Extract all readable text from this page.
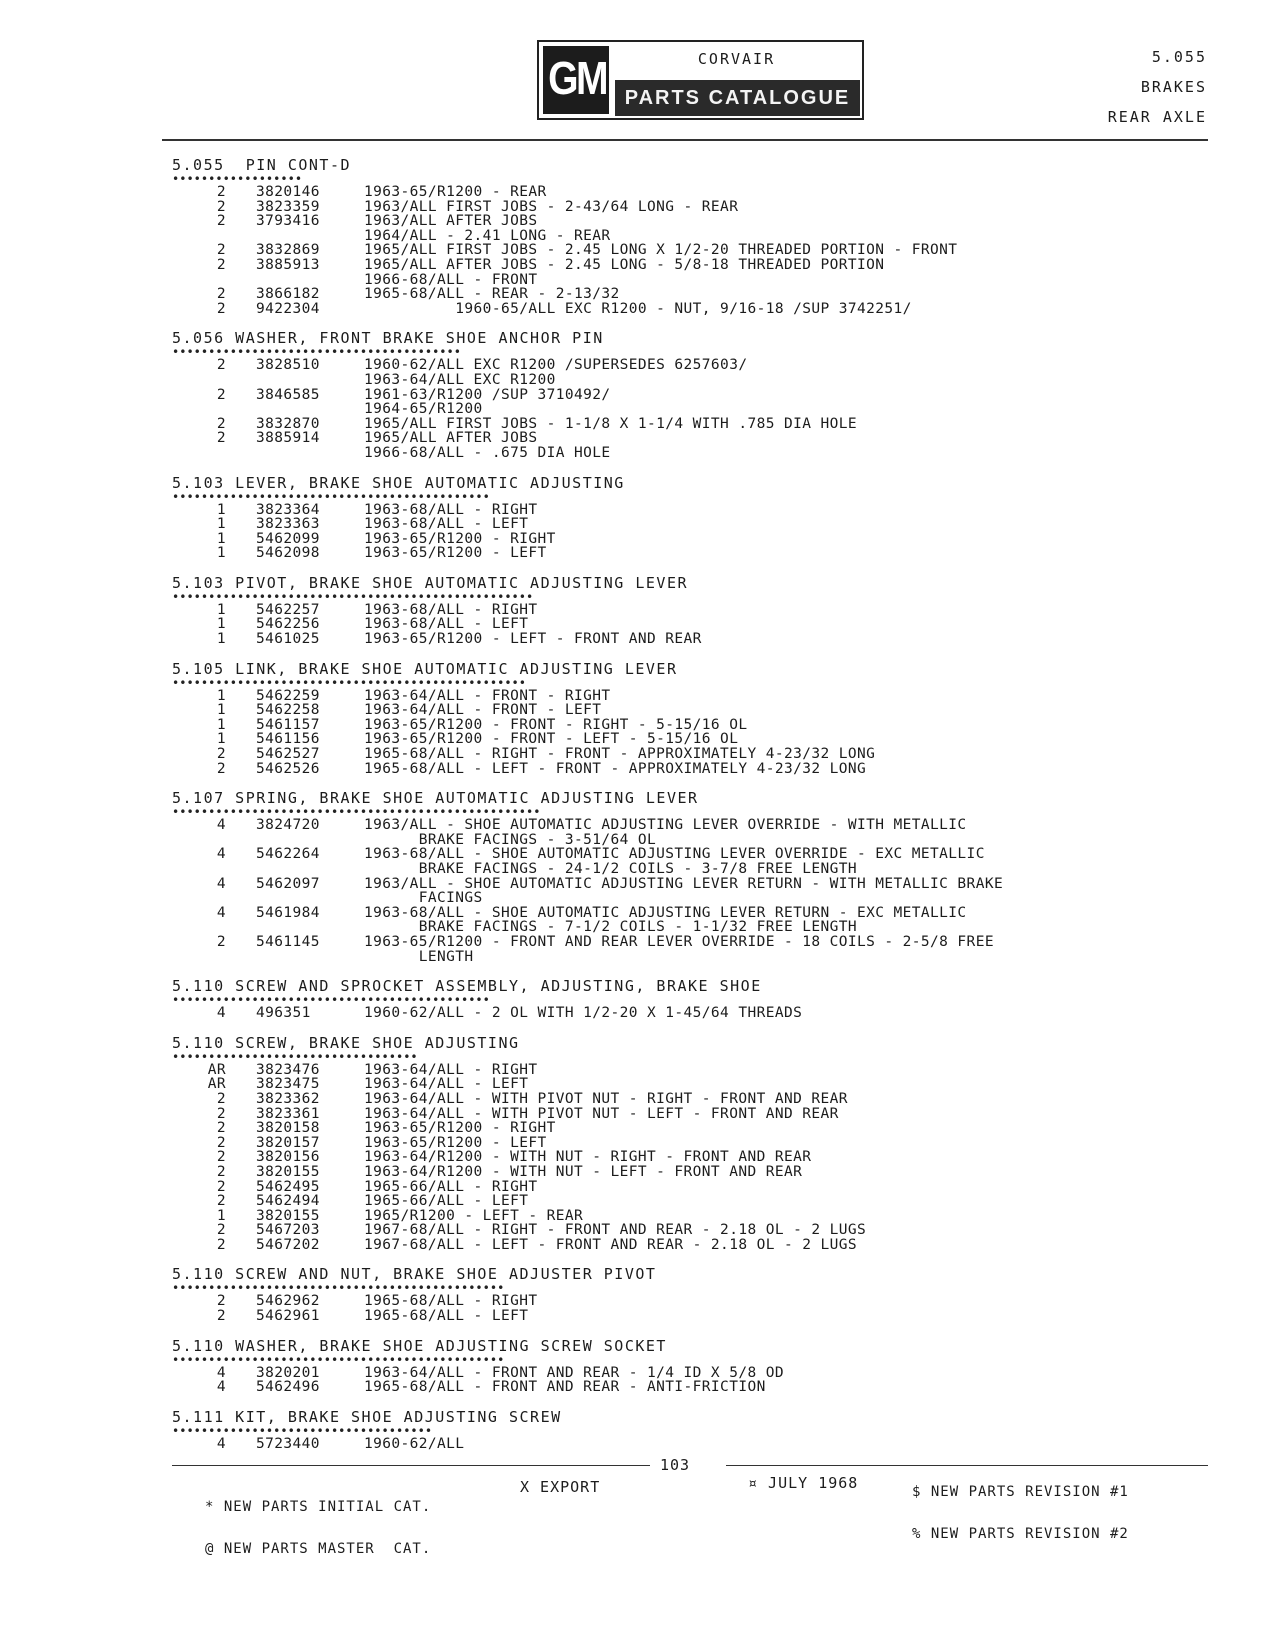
GM	CORVAIR
PARTS CATALOGUE
5.055
BRAKES
REAR AXLE
5.055  PIN CONT-D
••••••••••••••••••
2	3820146	1963-65/R1200 - REAR
2	3823359	1963/ALL FIRST JOBS - 2-43/64 LONG - REAR
2	3793416	1963/ALL AFTER JOBS
1964/ALL - 2.41 LONG - REAR
2	3832869	1965/ALL FIRST JOBS - 2.45 LONG X 1/2-20 THREADED PORTION - FRONT
2	3885913	1965/ALL AFTER JOBS - 2.45 LONG - 5/8-18 THREADED PORTION
1966-68/ALL - FRONT
2	3866182	1965-68/ALL - REAR - 2-13/32
2	9422304	1960-65/ALL EXC R1200 - NUT, 9/16-18 /SUP 3742251/
5.056 WASHER, FRONT BRAKE SHOE ANCHOR PIN
••••••••••••••••••••••••••••••••••••••••
2	3828510	1960-62/ALL EXC R1200 /SUPERSEDES 6257603/
1963-64/ALL EXC R1200
2	3846585	1961-63/R1200 /SUP 3710492/
1964-65/R1200
2	3832870	1965/ALL FIRST JOBS - 1-1/8 X 1-1/4 WITH .785 DIA HOLE
2	3885914	1965/ALL AFTER JOBS
1966-68/ALL - .675 DIA HOLE
5.103 LEVER, BRAKE SHOE AUTOMATIC ADJUSTING
••••••••••••••••••••••••••••••••••••••••••••
1	3823364	1963-68/ALL - RIGHT
1	3823363	1963-68/ALL - LEFT
1	5462099	1963-65/R1200 - RIGHT
1	5462098	1963-65/R1200 - LEFT
5.103 PIVOT, BRAKE SHOE AUTOMATIC ADJUSTING LEVER
••••••••••••••••••••••••••••••••••••••••••••••••••
1	5462257	1963-68/ALL - RIGHT
1	5462256	1963-68/ALL - LEFT
1	5461025	1963-65/R1200 - LEFT - FRONT AND REAR
5.105 LINK, BRAKE SHOE AUTOMATIC ADJUSTING LEVER
•••••••••••••••••••••••••••••••••••••••••••••••••
1	5462259	1963-64/ALL - FRONT - RIGHT
1	5462258	1963-64/ALL - FRONT - LEFT
1	5461157	1963-65/R1200 - FRONT - RIGHT - 5-15/16 OL
1	5461156	1963-65/R1200 - FRONT - LEFT - 5-15/16 OL
2	5462527	1965-68/ALL - RIGHT - FRONT - APPROXIMATELY 4-23/32 LONG
2	5462526	1965-68/ALL - LEFT - FRONT - APPROXIMATELY 4-23/32 LONG
5.107 SPRING, BRAKE SHOE AUTOMATIC ADJUSTING LEVER
•••••••••••••••••••••••••••••••••••••••••••••••••••
4	3824720	1963/ALL - SHOE AUTOMATIC ADJUSTING LEVER OVERRIDE - WITH METALLIC
BRAKE FACINGS - 3-51/64 OL
4	5462264	1963-68/ALL - SHOE AUTOMATIC ADJUSTING LEVER OVERRIDE - EXC METALLIC
BRAKE FACINGS - 24-1/2 COILS - 3-7/8 FREE LENGTH
4	5462097	1963/ALL - SHOE AUTOMATIC ADJUSTING LEVER RETURN - WITH METALLIC BRAKE
FACINGS
4	5461984	1963-68/ALL - SHOE AUTOMATIC ADJUSTING LEVER RETURN - EXC METALLIC
BRAKE FACINGS - 7-1/2 COILS - 1-1/32 FREE LENGTH
2	5461145	1963-65/R1200 - FRONT AND REAR LEVER OVERRIDE - 18 COILS - 2-5/8 FREE
LENGTH
5.110 SCREW AND SPROCKET ASSEMBLY, ADJUSTING, BRAKE SHOE
••••••••••••••••••••••••••••••••••••••••••••
4	496351	1960-62/ALL - 2 OL WITH 1/2-20 X 1-45/64 THREADS
5.110 SCREW, BRAKE SHOE ADJUSTING
••••••••••••••••••••••••••••••••••
AR	3823476	1963-64/ALL - RIGHT
AR	3823475	1963-64/ALL - LEFT
2	3823362	1963-64/ALL - WITH PIVOT NUT - RIGHT - FRONT AND REAR
2	3823361	1963-64/ALL - WITH PIVOT NUT - LEFT - FRONT AND REAR
2	3820158	1963-65/R1200 - RIGHT
2	3820157	1963-65/R1200 - LEFT
2	3820156	1963-64/R1200 - WITH NUT - RIGHT - FRONT AND REAR
2	3820155	1963-64/R1200 - WITH NUT - LEFT - FRONT AND REAR
2	5462495	1965-66/ALL - RIGHT
2	5462494	1965-66/ALL - LEFT
1	3820155	1965/R1200 - LEFT - REAR
2	5467203	1967-68/ALL - RIGHT - FRONT AND REAR - 2.18 OL - 2 LUGS
2	5467202	1967-68/ALL - LEFT - FRONT AND REAR - 2.18 OL - 2 LUGS
5.110 SCREW AND NUT, BRAKE SHOE ADJUSTER PIVOT
••••••••••••••••••••••••••••••••••••••••••••••
2	5462962	1965-68/ALL - RIGHT
2	5462961	1965-68/ALL - LEFT
5.110 WASHER, BRAKE SHOE ADJUSTING SCREW SOCKET
••••••••••••••••••••••••••••••••••••••••••••••
4	3820201	1963-64/ALL - FRONT AND REAR - 1/4 ID X 5/8 OD
4	5462496	1965-68/ALL - FRONT AND REAR - ANTI-FRICTION
5.111 KIT, BRAKE SHOE ADJUSTING SCREW
••••••••••••••••••••••••••••••••••••
4	5723440	1960-62/ALL
103

* NEW PARTS INITIAL CAT.

@ NEW PARTS MASTER  CAT.

X EXPORT	¤ JULY 1968

	$ NEW PARTS REVISION #1

% NEW PARTS REVISION #2
